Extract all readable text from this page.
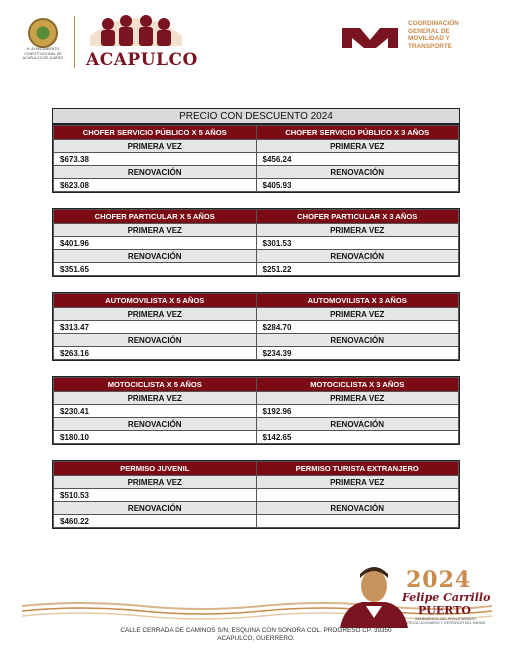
H. AYUNTAMIENTO CONSTITUCIONAL DE ACAPULCO DE JUÁREZ	ACAPULCO
COORDINACIÓN
GENERAL DE
MOVILIDAD Y
TRANSPORTE
PRECIO CON DESCUENTO 2024
CHOFER SERVICIO PÚBLICO X 5 AÑOS	CHOFER SERVICIO PÚBLICO X 3 AÑOS
PRIMERA VEZ	PRIMERA VEZ
$673.38	$456.24
RENOVACIÓN	RENOVACIÓN
$623.08	$405.93
CHOFER PARTICULAR X 5 AÑOS	CHOFER PARTICULAR X 3 AÑOS
PRIMERA VEZ	PRIMERA VEZ
$401.96	$301.53
RENOVACIÓN	RENOVACIÓN
$351.65	$251.22
AUTOMOVILISTA X 5 AÑOS	AUTOMOVILISTA X 3 AÑOS
PRIMERA VEZ	PRIMERA VEZ
$313.47	$284.70
RENOVACIÓN	RENOVACIÓN
$263.16	$234.39
MOTOCICLISTA X 5 AÑOS	MOTOCICLISTA X 3 AÑOS
PRIMERA VEZ	PRIMERA VEZ
$230.41	$192.96
RENOVACIÓN	RENOVACIÓN
$180.10	$142.65
PERMISO JUVENIL	PERMISO TURISTA EXTRANJERO
PRIMERA VEZ	PRIMERA VEZ
$510.53	
RENOVACIÓN	RENOVACIÓN
$460.22	
2024
Felipe Carrillo
PUERTO
BENEMÉRITO DEL PROLETARIADO, REVOLUCIONARIO Y DEFENSOR DEL MAYAB
CALLE CERRADA DE CAMINOS S/N, ESQUINA CON SONORA COL. PROGRESO CP. 39350
ACAPULCO, GUERRERO.
